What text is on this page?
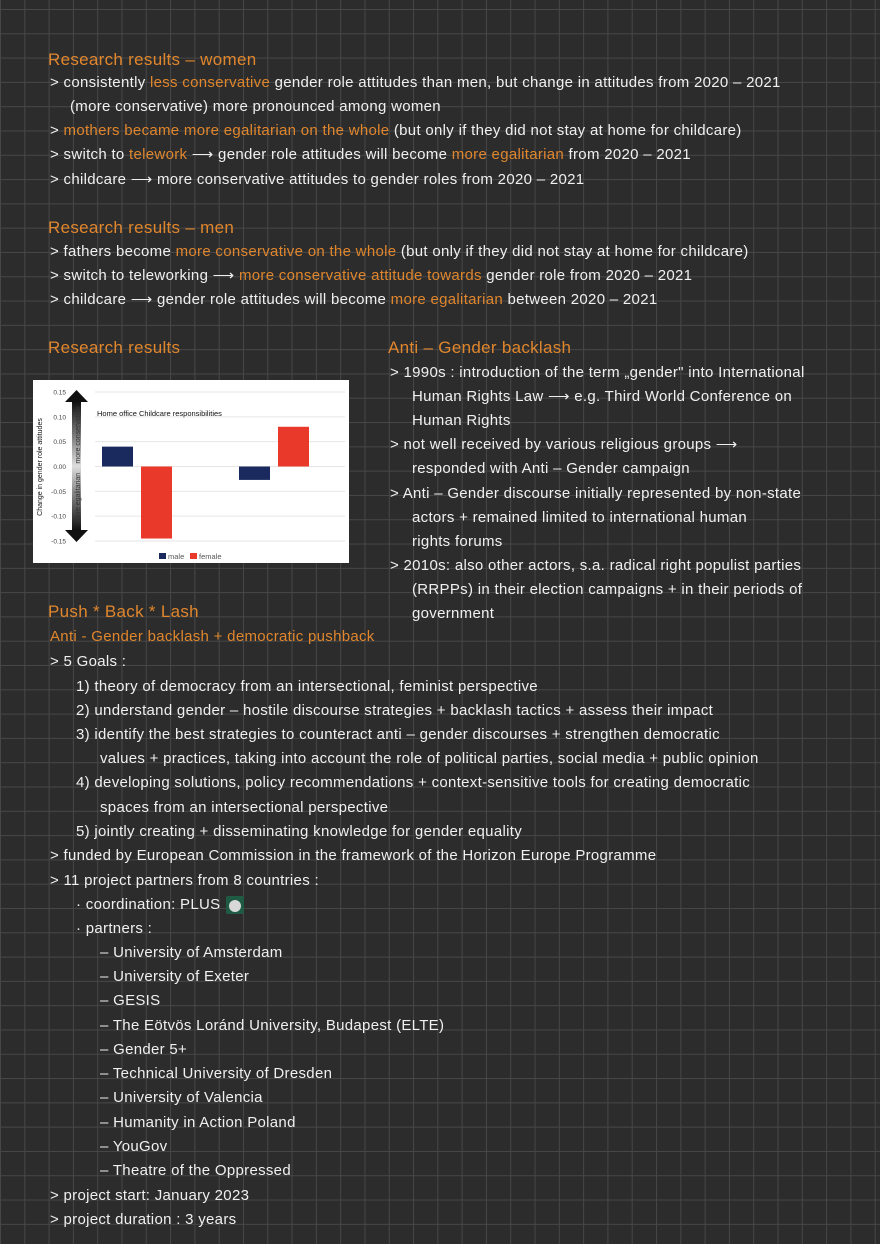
Research results – women
> consistently less conservative gender role attitudes than men, but change in attitudes from 2020 – 2021
(more conservative) more pronounced among women
> mothers became more egalitarian on the whole (but only if they did not stay at home for childcare)
> switch to telework ⟶ gender role attitudes will become more egalitarian from 2020 – 2021
> childcare ⟶ more conservative attitudes to gender roles from 2020 – 2021
Research results – men
> fathers become more conservative on the whole (but only if they did not stay at home for childcare)
> switch to teleworking ⟶ more conservative attitude towards gender role from 2020 – 2021
> childcare ⟶ gender role attitudes will become more egalitarian between 2020 – 2021
Research results	Anti – Gender backlash
> 1990s : introduction of the term „gender" into International
Human Rights Law ⟶ e.g. Third World Conference on
Human Rights
> not well received by various religious groups ⟶
responded with Anti – Gender campaign
> Anti – Gender discourse initially represented by non-state
actors + remained limited to international human
rights forums
> 2010s: also other actors, s.a. radical right populist parties
(RRPPs) in their election campaigns + in their periods of
government
Push * Back * Lash
Anti - Gender backlash + democratic pushback
> 5 Goals :
1) theory of democracy from an intersectional, feminist perspective
2) understand gender – hostile discourse strategies + backlash tactics + assess their impact
3) identify the best strategies to counteract anti – gender discourses + strengthen democratic
values + practices, taking into account the role of political parties, social media + public opinion
4) developing solutions, policy recommendations + context-sensitive tools for creating democratic
spaces from an intersectional perspective
5) jointly creating + disseminating knowledge for gender equality
> funded by European Commission in the framework of the Horizon Europe Programme
> 11 project partners from 8 countries :
· coordination: PLUS
· partners :
– University of Amsterdam
– University of Exeter
– GESIS
– The Eötvös Loránd University, Budapest (ELTE)
– Gender 5+
– Technical University of Dresden
– University of Valencia
– Humanity in Action Poland
– YouGov
– Theatre of the Oppressed
> project start: January 2023
> project duration : 3 years
more conservative
more egalitarian
Change in gender role attitudes
Home office Childcare responsibilities
0.15
0.10
0.05
0.00
-0.05
-0.10
-0.15
male female
